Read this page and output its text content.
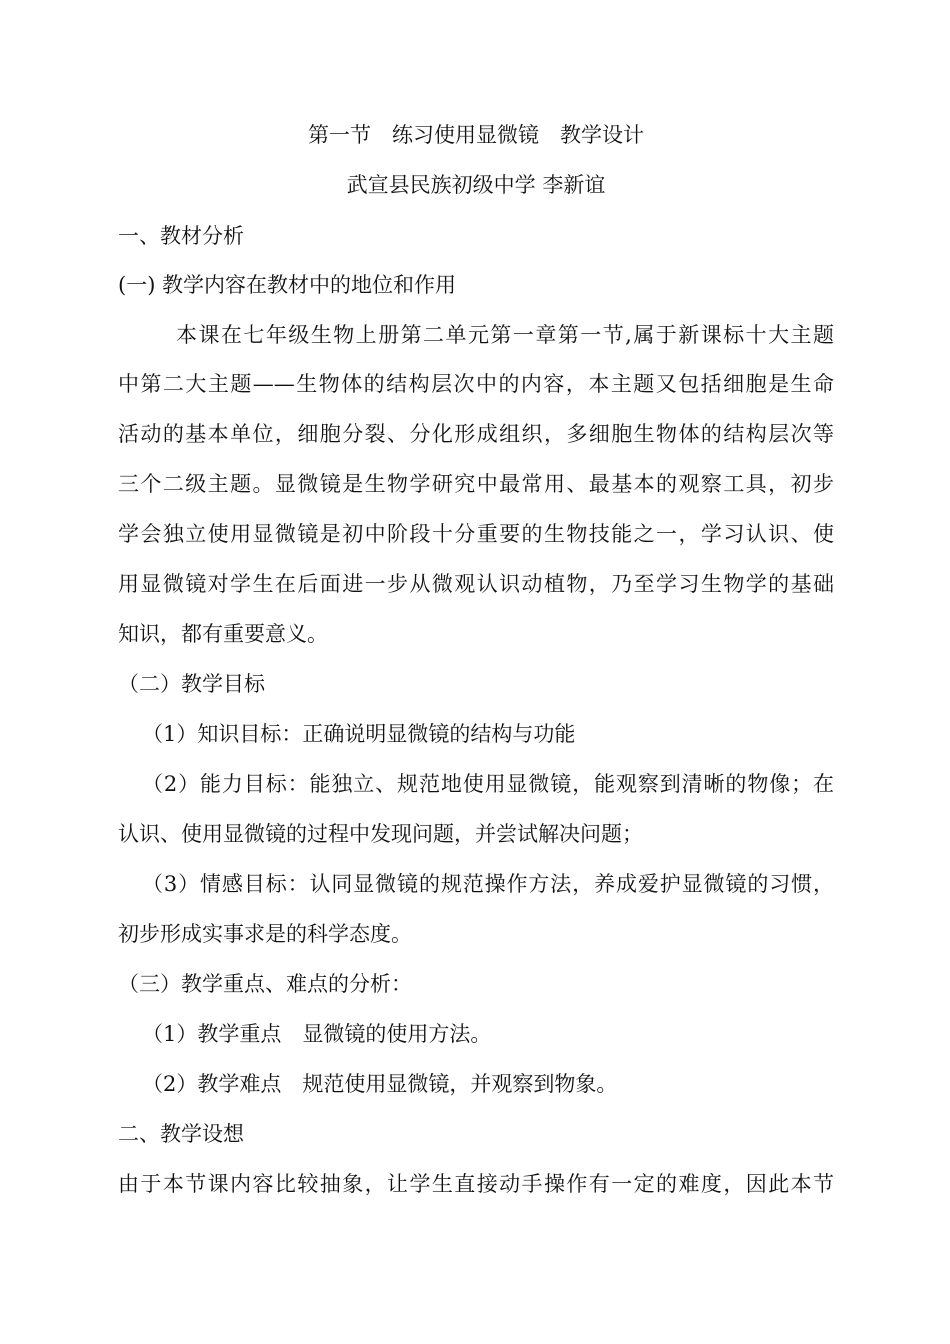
第一节　练习使用显微镜　教学设计
武宣县民族初级中学 李新谊
一、教材分析
(一) 教学内容在教材中的地位和作用
本课在七年级生物上册第二单元第一章第一节,属于新课标十大主题
中第二大主题——生物体的结构层次中的内容，本主题又包括细胞是生命
活动的基本单位，细胞分裂、分化形成组织，多细胞生物体的结构层次等
三个二级主题。显微镜是生物学研究中最常用、最基本的观察工具，初步
学会独立使用显微镜是初中阶段十分重要的生物技能之一，学习认识、使
用显微镜对学生在后面进一步从微观认识动植物，乃至学习生物学的基础
知识，都有重要意义。
（二）教学目标
（1）知识目标：正确说明显微镜的结构与功能
（2）能力目标：能独立、规范地使用显微镜，能观察到清晰的物像；在
认识、使用显微镜的过程中发现问题，并尝试解决问题；
（3）情感目标：认同显微镜的规范操作方法，养成爱护显微镜的习惯，
初步形成实事求是的科学态度。
（三）教学重点、难点的分析：
（1）教学重点　显微镜的使用方法。
（2）教学难点　规范使用显微镜，并观察到物象。
二、教学设想
由于本节课内容比较抽象，让学生直接动手操作有一定的难度，因此本节
